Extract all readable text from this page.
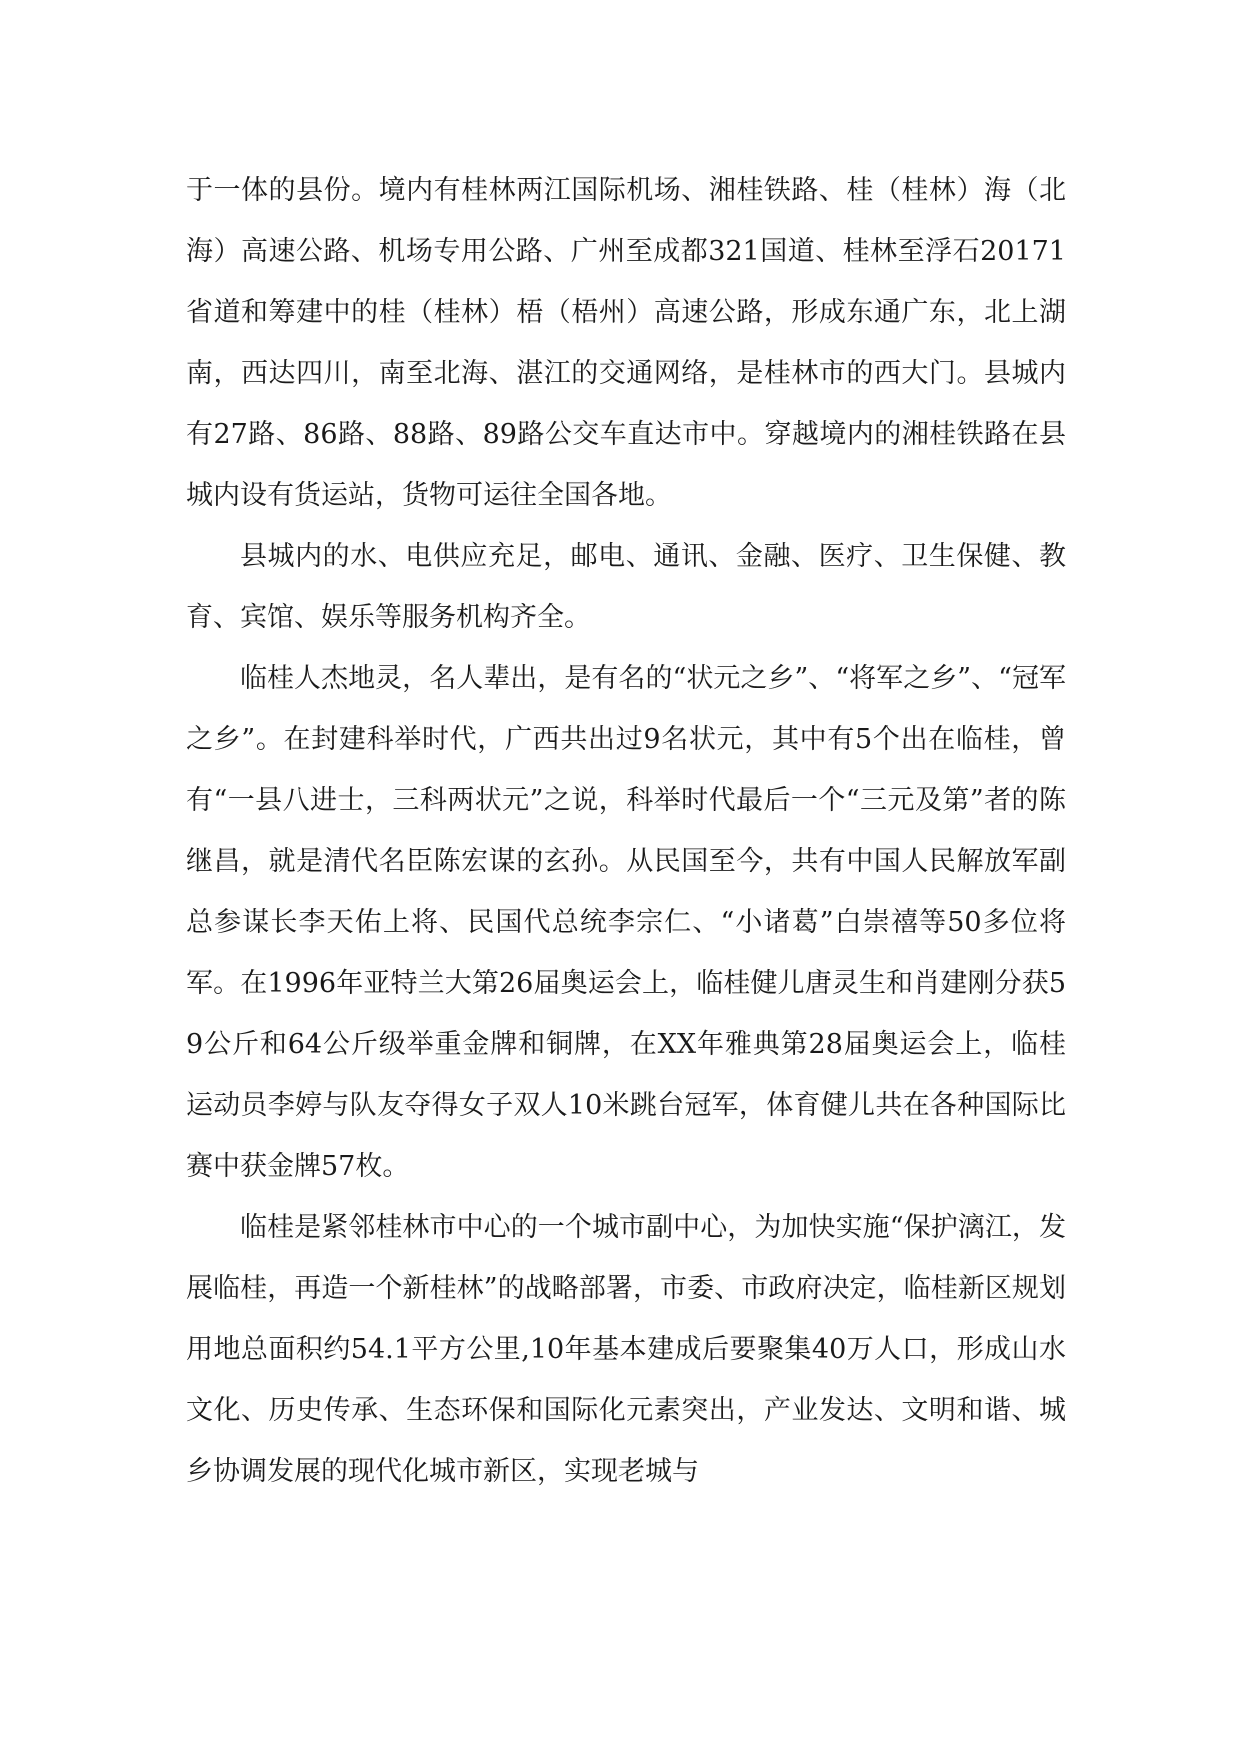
于一体的县份。境内有桂林两江国际机场、湘桂铁路、桂（桂林）海（北海）高速公路、机场专用公路、广州至成都321国道、桂林至浮石20171省道和筹建中的桂（桂林）梧（梧州）高速公路，形成东通广东，北上湖南，西达四川，南至北海、湛江的交通网络，是桂林市的西大门。县城内有27路、86路、88路、89路公交车直达市中。穿越境内的湘桂铁路在县城内设有货运站，货物可运往全国各地。

县城内的水、电供应充足，邮电、通讯、金融、医疗、卫生保健、教育、宾馆、娱乐等服务机构齐全。

临桂人杰地灵，名人辈出，是有名的“状元之乡”、“将军之乡”、“冠军之乡”。在封建科举时代，广西共出过9名状元，其中有5个出在临桂，曾有“一县八进士，三科两状元”之说，科举时代最后一个“三元及第”者的陈继昌，就是清代名臣陈宏谋的玄孙。从民国至今，共有中国人民解放军副总参谋长李天佑上将、民国代总统李宗仁、“小诸葛”白崇禧等50多位将军。在1996年亚特兰大第26届奥运会上，临桂健儿唐灵生和肖建刚分获59公斤和64公斤级举重金牌和铜牌，在XX年雅典第28届奥运会上，临桂运动员李婷与队友夺得女子双人10米跳台冠军，体育健儿共在各种国际比赛中获金牌57枚。

临桂是紧邻桂林市中心的一个城市副中心，为加快实施“保护漓江，发展临桂，再造一个新桂林”的战略部署，市委、市政府决定，临桂新区规划用地总面积约54.1平方公里,10年基本建成后要聚集40万人口，形成山水文化、历史传承、生态环保和国际化元素突出，产业发达、文明和谐、城乡协调发展的现代化城市新区，实现老城与
